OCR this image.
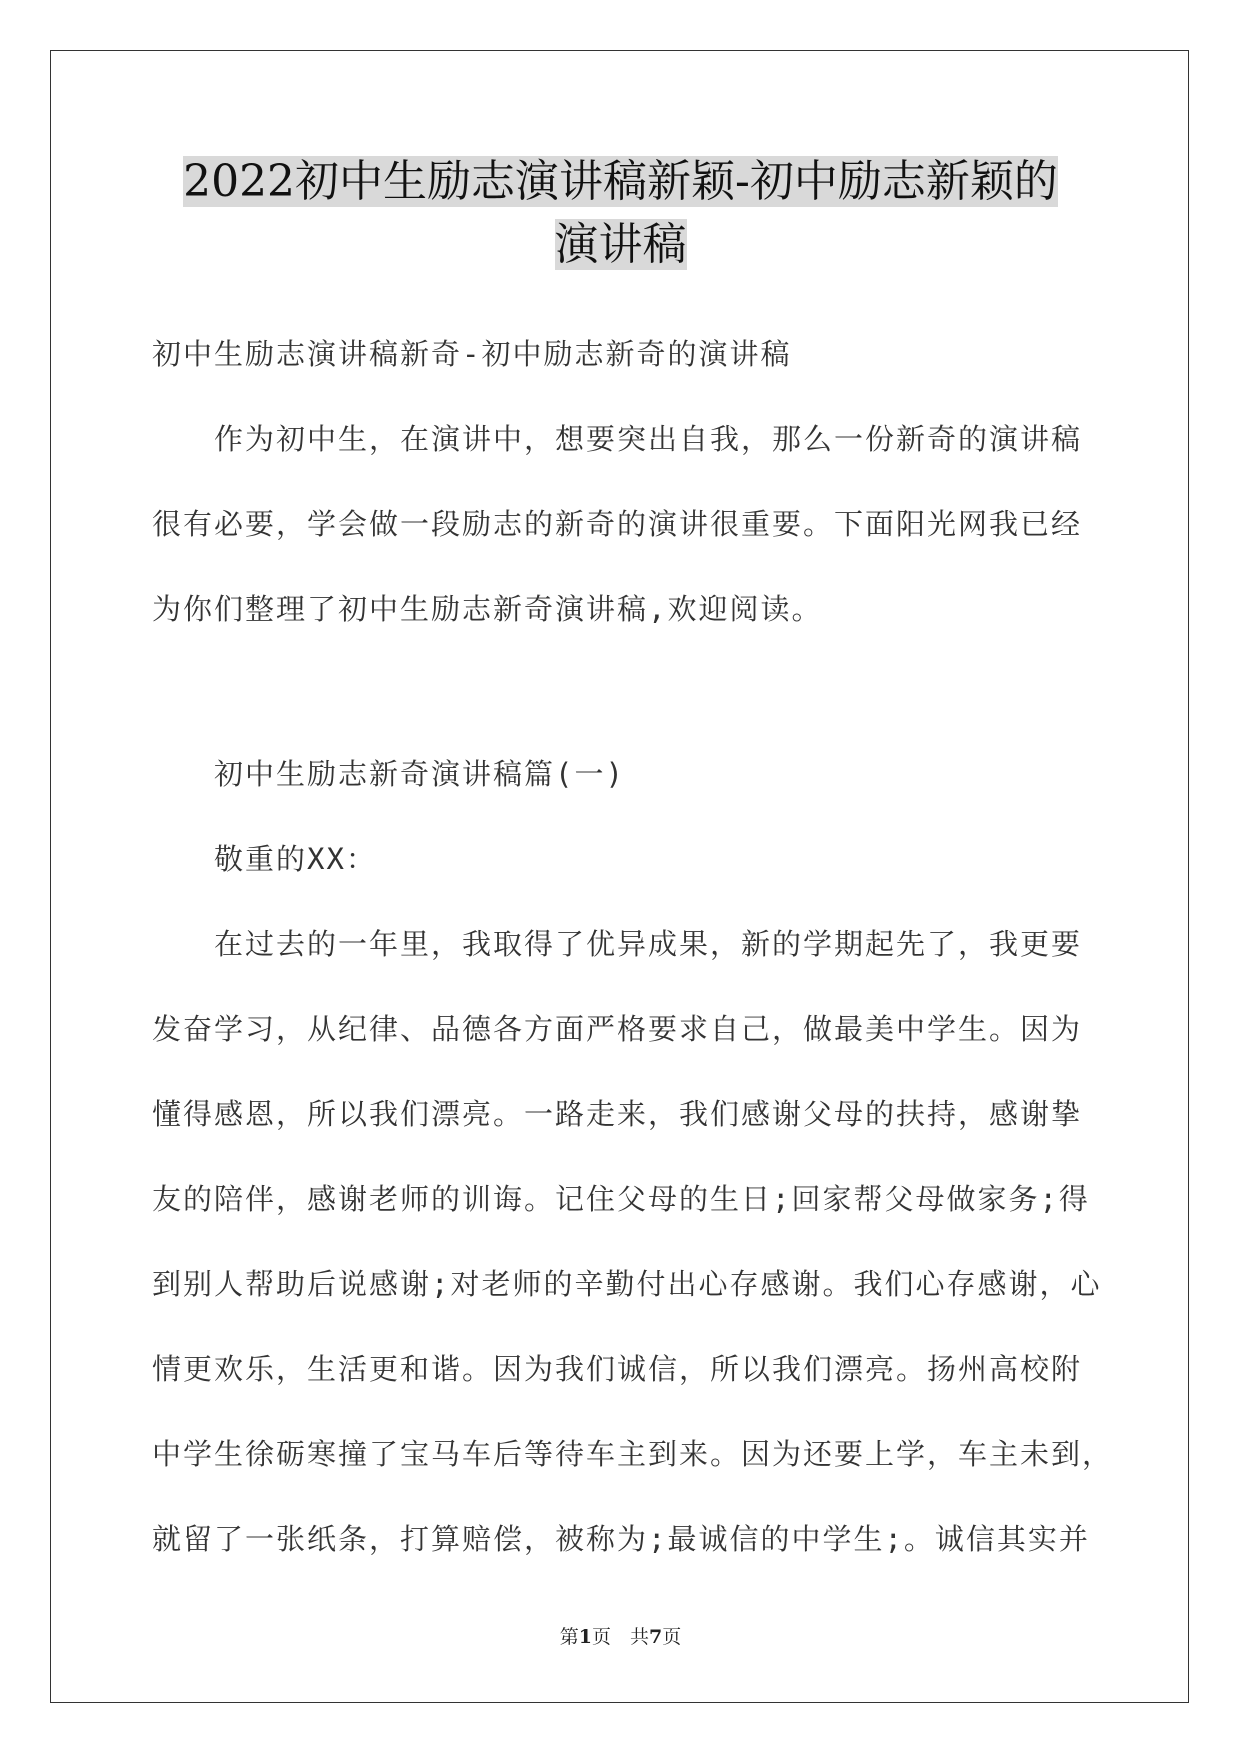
2022初中生励志演讲稿新颖-初中励志新颖的
演讲稿
初中生励志演讲稿新奇-初中励志新奇的演讲稿
　　作为初中生，在演讲中，想要突出自我，那么一份新奇的演讲稿
很有必要，学会做一段励志的新奇的演讲很重要。下面阳光网我已经
为你们整理了初中生励志新奇演讲稿,欢迎阅读。
　　初中生励志新奇演讲稿篇(一)
　　敬重的XX：
　　在过去的一年里，我取得了优异成果，新的学期起先了，我更要
发奋学习，从纪律、品德各方面严格要求自己，做最美中学生。因为
懂得感恩，所以我们漂亮。一路走来，我们感谢父母的扶持，感谢挚
友的陪伴，感谢老师的训诲。记住父母的生日;回家帮父母做家务;得
到别人帮助后说感谢;对老师的辛勤付出心存感谢。我们心存感谢，心
情更欢乐，生活更和谐。因为我们诚信，所以我们漂亮。扬州高校附
中学生徐砺寒撞了宝马车后等待车主到来。因为还要上学，车主未到，
就留了一张纸条，打算赔偿，被称为;最诚信的中学生;。诚信其实并
第1页　共7页
